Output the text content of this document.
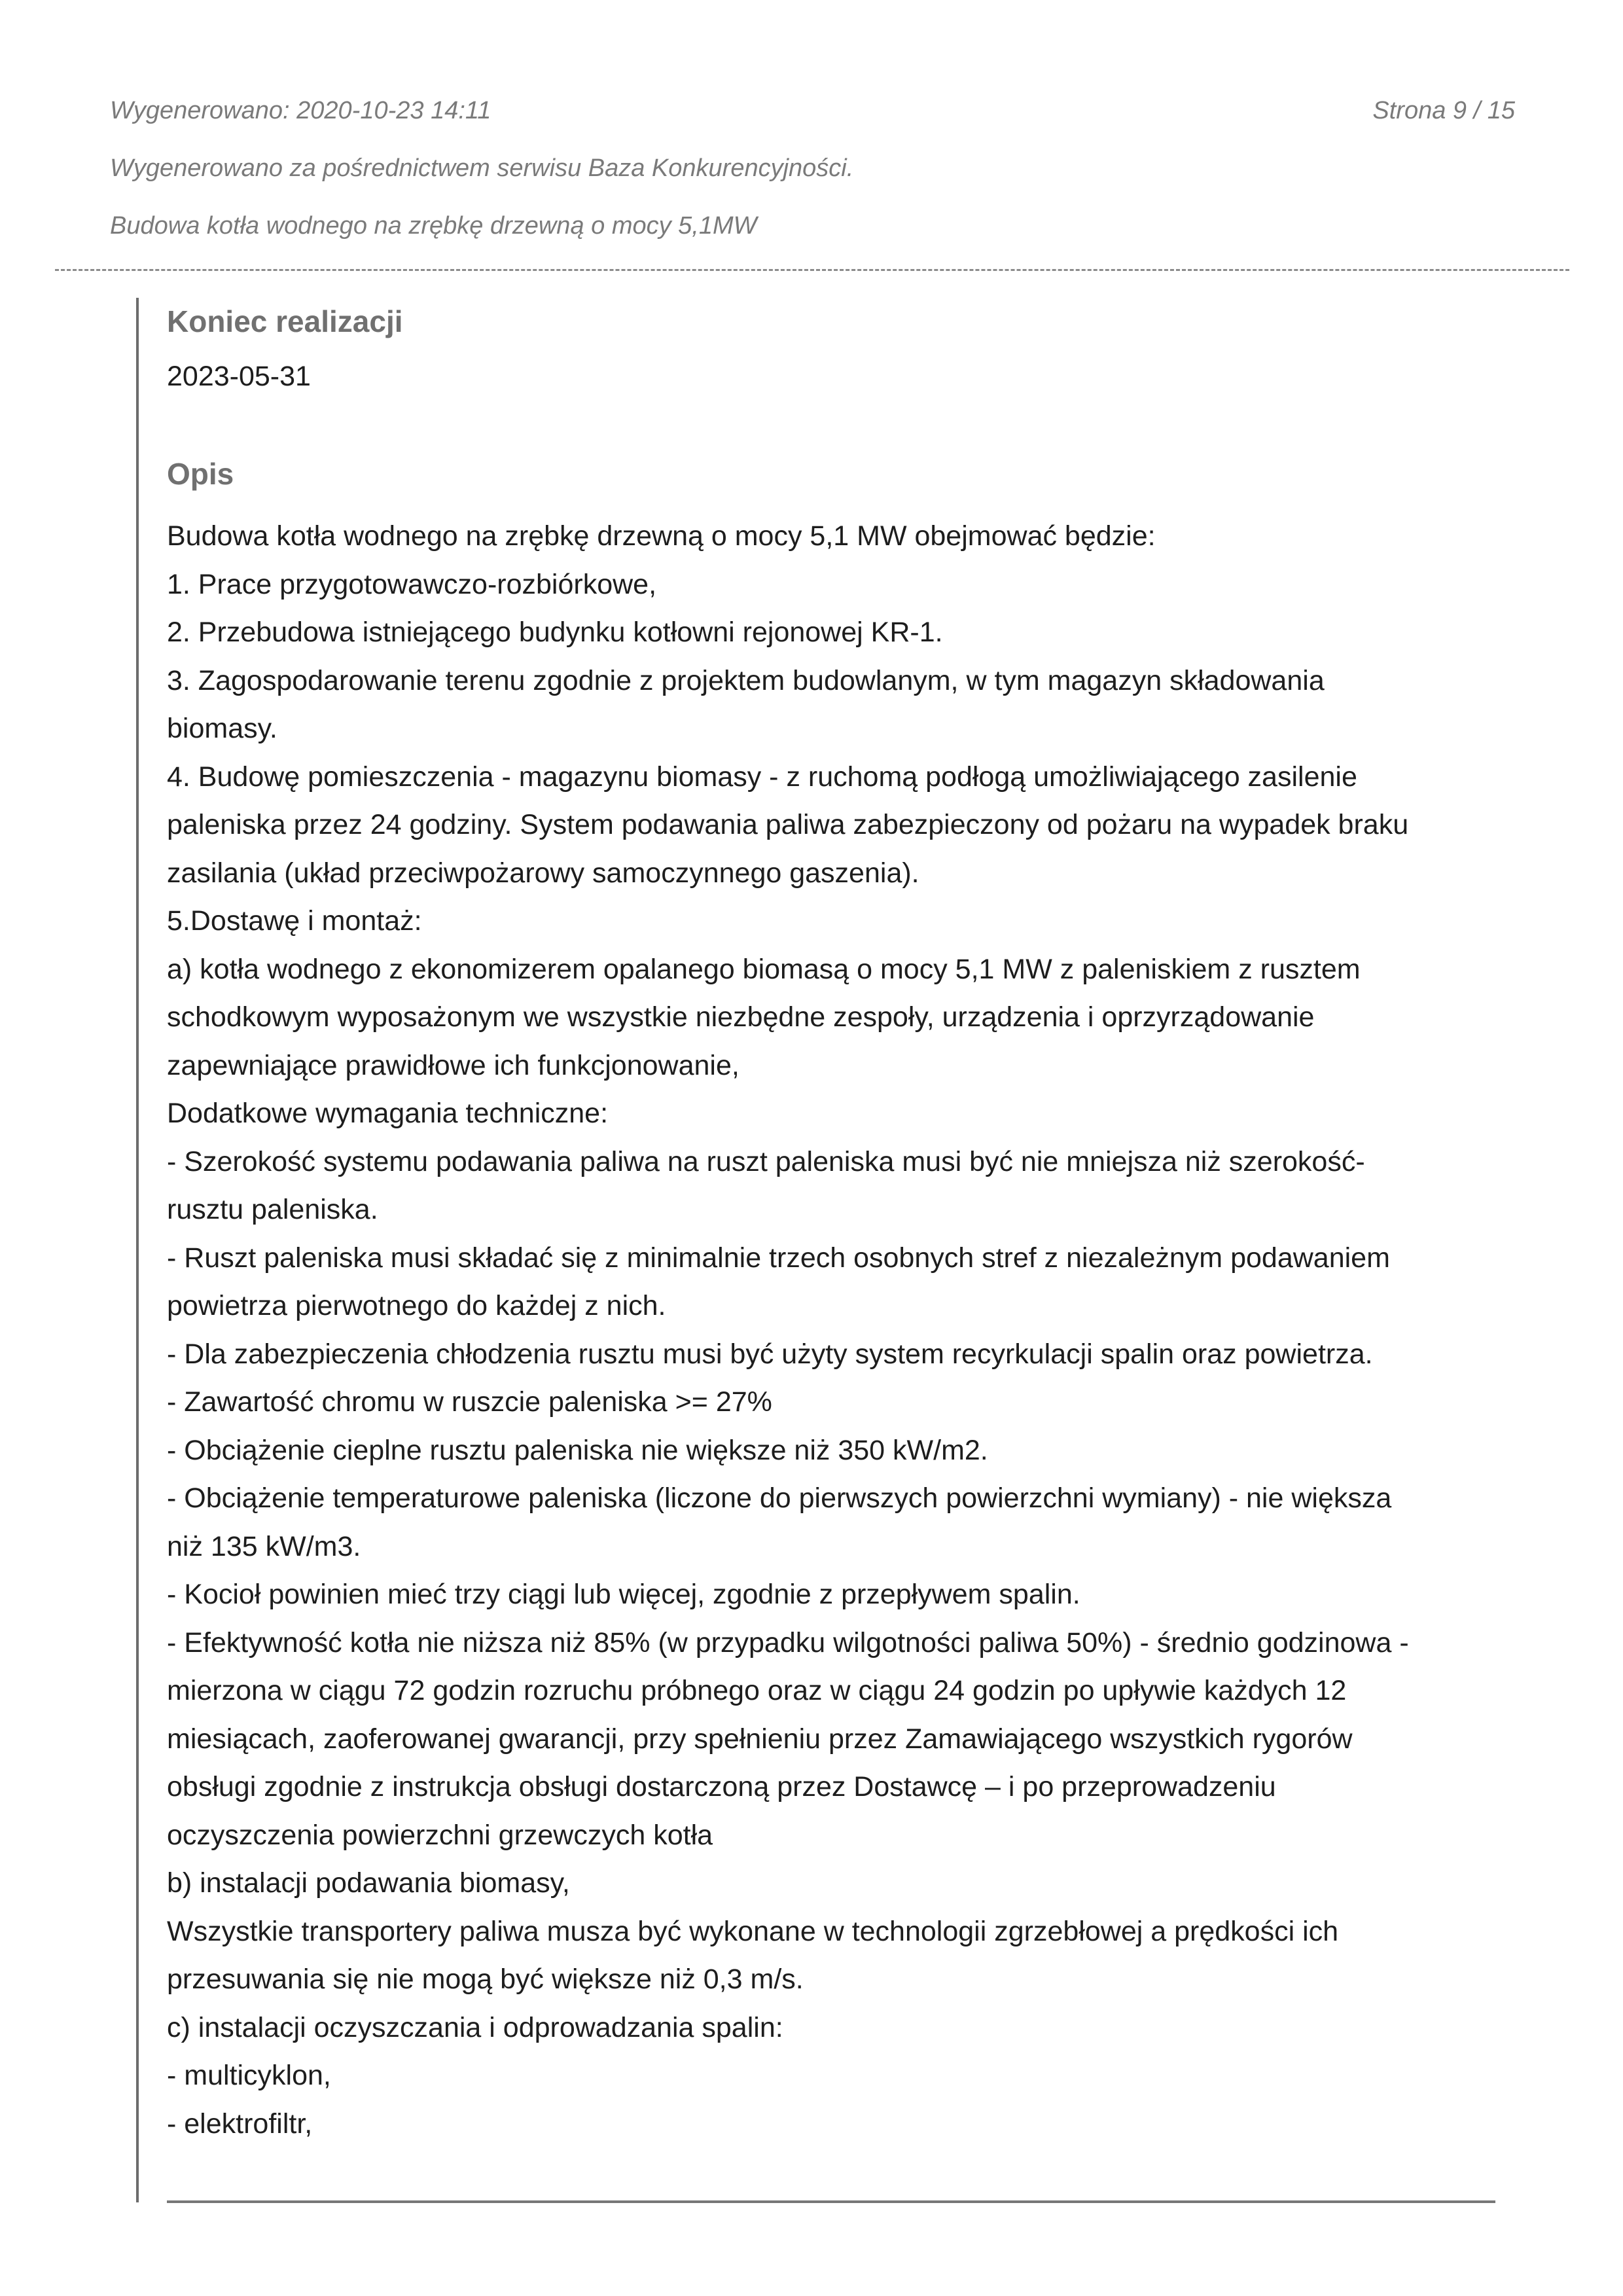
Wygenerowano: 2020-10-23 14:11	Strona 9 / 15
Wygenerowano za pośrednictwem serwisu Baza Konkurencyjności.
Budowa kotła wodnego na zrębkę drzewną o mocy 5,1MW
Koniec realizacji
2023-05-31
Opis
Budowa kotła wodnego na zrębkę drzewną o mocy 5,1 MW obejmować będzie:
1. Prace przygotowawczo-rozbiórkowe,
2. Przebudowa istniejącego budynku kotłowni rejonowej KR-1.
3. Zagospodarowanie terenu zgodnie z projektem budowlanym, w tym magazyn składowania
biomasy.
4. Budowę pomieszczenia - magazynu biomasy - z ruchomą podłogą umożliwiającego zasilenie
paleniska przez 24 godziny. System podawania paliwa zabezpieczony od pożaru na wypadek braku
zasilania (układ przeciwpożarowy samoczynnego gaszenia).
5.Dostawę i montaż:
a) kotła wodnego z ekonomizerem opalanego biomasą o mocy 5,1 MW z paleniskiem z rusztem
schodkowym wyposażonym we wszystkie niezbędne zespoły, urządzenia i oprzyrządowanie
zapewniające prawidłowe ich funkcjonowanie,
Dodatkowe wymagania techniczne:
- Szerokość systemu podawania paliwa na ruszt paleniska musi być nie mniejsza niż szerokość-
rusztu paleniska.
- Ruszt paleniska musi składać się z minimalnie trzech osobnych stref z niezależnym podawaniem
powietrza pierwotnego do każdej z nich.
- Dla zabezpieczenia chłodzenia rusztu musi być użyty system recyrkulacji spalin oraz powietrza.
- Zawartość chromu w ruszcie paleniska >= 27%
- Obciążenie cieplne rusztu paleniska nie większe niż 350 kW/m2.
- Obciążenie temperaturowe paleniska (liczone do pierwszych powierzchni wymiany) - nie większa
niż 135 kW/m3.
- Kocioł powinien mieć trzy ciągi lub więcej, zgodnie z przepływem spalin.
- Efektywność kotła nie niższa niż 85% (w przypadku wilgotności paliwa 50%) - średnio godzinowa -
mierzona w ciągu 72 godzin rozruchu próbnego oraz w ciągu 24 godzin po upływie każdych 12
miesiącach, zaoferowanej gwarancji, przy spełnieniu przez Zamawiającego wszystkich rygorów
obsługi zgodnie z instrukcja obsługi dostarczoną przez Dostawcę – i po przeprowadzeniu
oczyszczenia powierzchni grzewczych kotła
b) instalacji podawania biomasy,
Wszystkie transportery paliwa musza być wykonane w technologii zgrzebłowej a prędkości ich
przesuwania się nie mogą być większe niż 0,3 m/s.
c) instalacji oczyszczania i odprowadzania spalin:
- multicyklon,
- elektrofiltr,
